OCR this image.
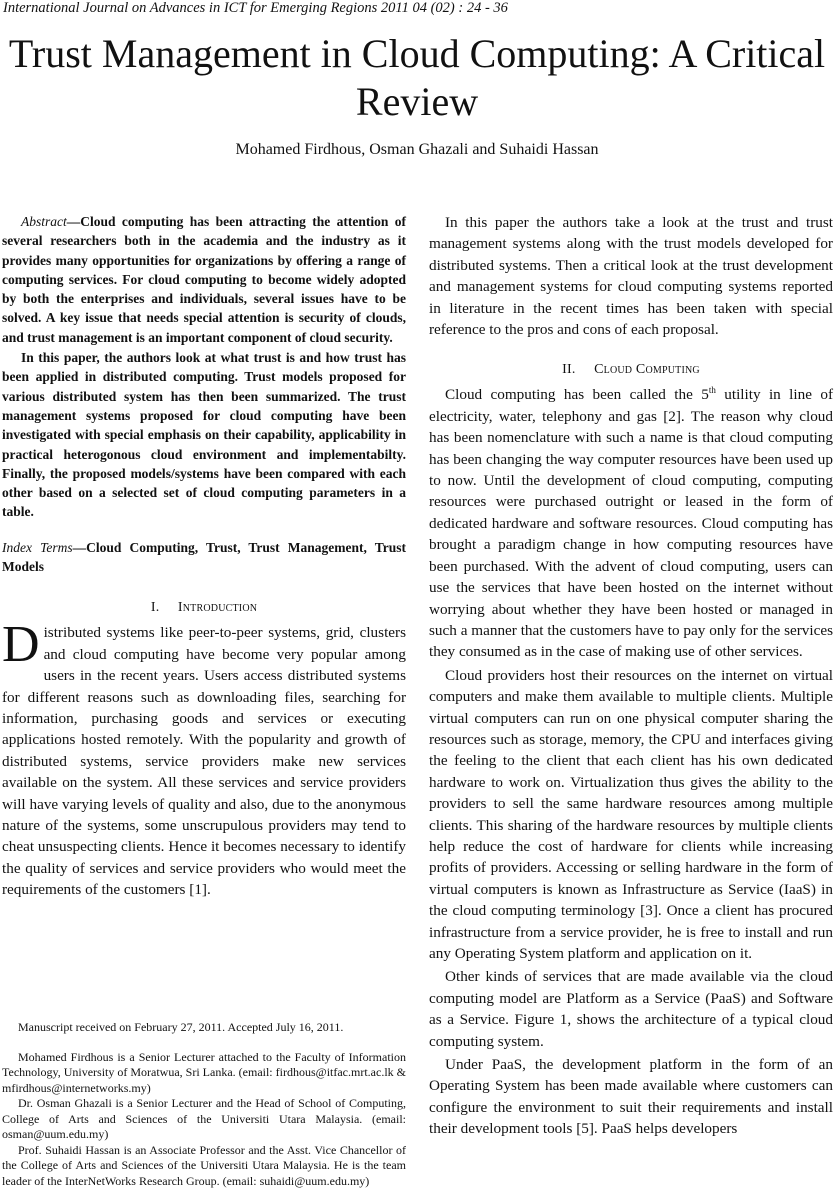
International Journal on Advances in ICT for Emerging Regions 2011 04 (02) : 24 - 36
Trust Management in Cloud Computing: A Critical
Review
Mohamed Firdhous, Osman Ghazali and Suhaidi Hassan

Abstract—Cloud computing has been attracting the attention of several researchers both in the academia and the industry as it provides many opportunities for organizations by offering a range of computing services. For cloud computing to become widely adopted by both the enterprises and individuals, several issues have to be solved. A key issue that needs special attention is security of clouds, and trust management is an important component of cloud security.

In this paper, the authors look at what trust is and how trust has been applied in distributed computing. Trust models proposed for various distributed system has then been summarized. The trust management systems proposed for cloud computing have been investigated with special emphasis on their capability, applicability in practical heterogonous cloud environment and implementabilty. Finally, the proposed models/systems have been compared with each other based on a selected set of cloud computing parameters in a table.

Index Terms—Cloud Computing, Trust, Trust Management, Trust Models
I. Introduction

Distributed systems like peer-to-peer systems, grid, clusters and cloud computing have become very popular among users in the recent years. Users access distributed systems for different reasons such as downloading files, searching for information, purchasing goods and services or executing applications hosted remotely. With the popularity and growth of distributed systems, service providers make new services available on the system. All these services and service providers will have varying levels of quality and also, due to the anonymous nature of the systems, some unscrupulous providers may tend to cheat unsuspecting clients. Hence it becomes necessary to identify the quality of services and service providers who would meet the requirements of the customers [1].

Manuscript received on February 27, 2011. Accepted July 16, 2011.

Mohamed Firdhous is a Senior Lecturer attached to the Faculty of Information Technology, University of Moratwua, Sri Lanka. (email: firdhous@itfac.mrt.ac.lk & mfirdhous@internetworks.my)

Dr. Osman Ghazali is a Senior Lecturer and the Head of School of Computing, College of Arts and Sciences of the Universiti Utara Malaysia. (email: osman@uum.edu.my)

Prof. Suhaidi Hassan is an Associate Professor and the Asst. Vice Chancellor of the College of Arts and Sciences of the Universiti Utara Malaysia. He is the team leader of the InterNetWorks Research Group. (email: suhaidi@uum.edu.my)

In this paper the authors take a look at the trust and trust management systems along with the trust models developed for distributed systems. Then a critical look at the trust development and management systems for cloud computing systems reported in literature in the recent times has been taken with special reference to the pros and cons of each proposal.

II. Cloud Computing

Cloud computing has been called the 5th utility in line of electricity, water, telephony and gas [2]. The reason why cloud has been nomenclature with such a name is that cloud computing has been changing the way computer resources have been used up to now. Until the development of cloud computing, computing resources were purchased outright or leased in the form of dedicated hardware and software resources. Cloud computing has brought a paradigm change in how computing resources have been purchased. With the advent of cloud computing, users can use the services that have been hosted on the internet without worrying about whether they have been hosted or managed in such a manner that the customers have to pay only for the services they consumed as in the case of making use of other services.

Cloud providers host their resources on the internet on virtual computers and make them available to multiple clients. Multiple virtual computers can run on one physical computer sharing the resources such as storage, memory, the CPU and interfaces giving the feeling to the client that each client has his own dedicated hardware to work on. Virtualization thus gives the ability to the providers to sell the same hardware resources among multiple clients. This sharing of the hardware resources by multiple clients help reduce the cost of hardware for clients while increasing profits of providers. Accessing or selling hardware in the form of virtual computers is known as Infrastructure as Service (IaaS) in the cloud computing terminology [3]. Once a client has procured infrastructure from a service provider, he is free to install and run any Operating System platform and application on it.

Other kinds of services that are made available via the cloud computing model are Platform as a Service (PaaS) and Software as a Service. Figure 1, shows the architecture of a typical cloud computing system.

Under PaaS, the development platform in the form of an Operating System has been made available where customers can configure the environment to suit their requirements and install their development tools [5]. PaaS helps developers
